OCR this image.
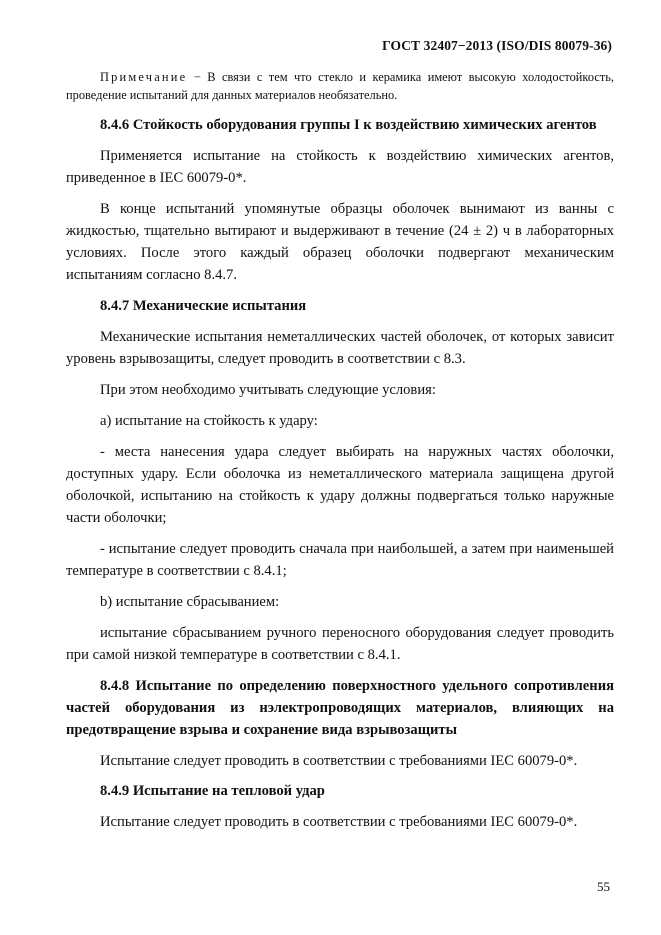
ГОСТ 32407−2013 (ISO/DIS 80079-36)
Примечание − В связи с тем что стекло и керамика имеют высокую холодостойкость, проведение испытаний для данных материалов необязательно.

8.4.6 Стойкость оборудования группы I к воздействию химических агентов

Применяется испытание на стойкость к воздействию химических агентов, приведенное в IEC 60079-0*.

В конце испытаний упомянутые образцы оболочек вынимают из ванны с жидкостью, тщательно вытирают и выдерживают в течение (24 ± 2) ч в лабораторных условиях. После этого каждый образец оболочки подвергают механическим испытаниям согласно 8.4.7.

8.4.7 Механические испытания

Механические испытания неметаллических частей оболочек, от которых зависит уровень взрывозащиты, следует проводить в соответствии с 8.3.

При этом необходимо учитывать следующие условия:

а) испытание на стойкость к удару:

- места нанесения удара следует выбирать на наружных частях оболочки, доступных удару. Если оболочка из неметаллического материала защищена другой оболочкой, испытанию на стойкость к удару должны подвергаться только наружные части оболочки;

- испытание следует проводить сначала при наибольшей, а затем при наименьшей температуре в соответствии с 8.4.1;

b) испытание сбрасыванием:

испытание сбрасыванием ручного переносного оборудования следует проводить при самой низкой температуре в соответствии с 8.4.1.

8.4.8 Испытание по определению поверхностного удельного сопротивления частей оборудования из нэлектропроводящих материалов, влияющих на предотвращение взрыва и сохранение вида взрывозащиты

Испытание следует проводить в соответствии с требованиями IEC 60079-0*.

8.4.9 Испытание на тепловой удар

Испытание следует проводить в соответствии с требованиями IEC 60079-0*.

55
